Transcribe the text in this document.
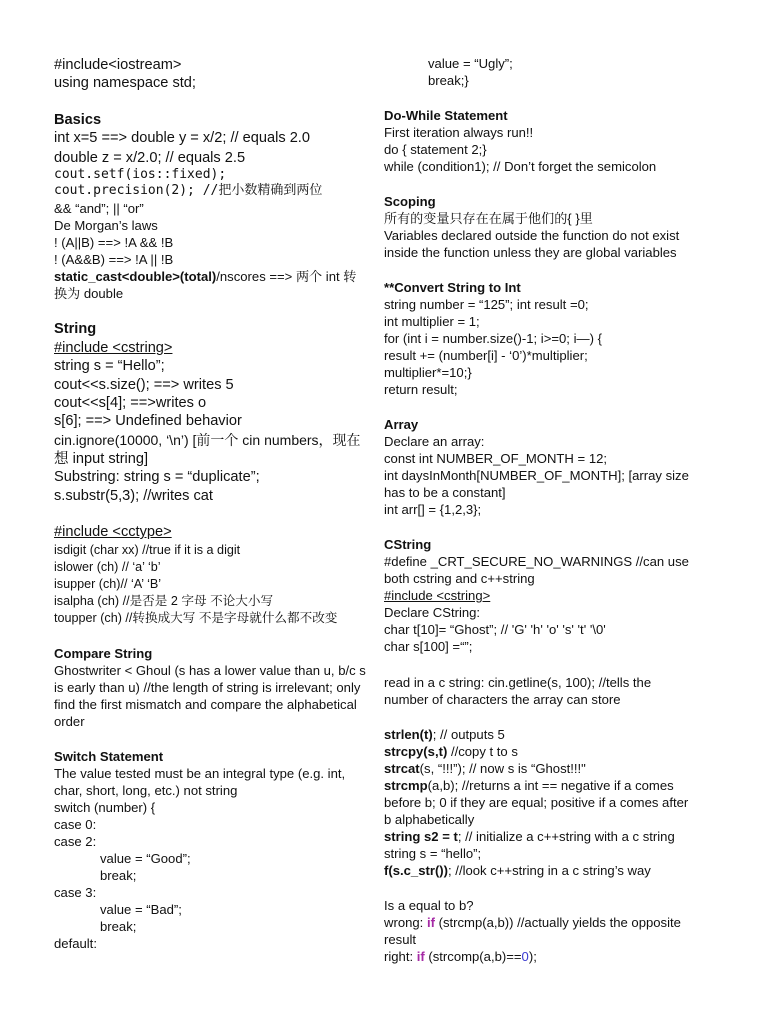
#include<iostream>
using namespace std;
Basics
int x=5 ==> double y = x/2; // equals 2.0
double z = x/2.0; // equals 2.5
cout.setf(ios::fixed);
cout.precision(2); //把小数精确到两位
&& “and”; || “or”
De Morgan’s laws
! (A||B) ==> !A && !B
! (A&&B) ==> !A || !B
static_cast<double>(total)/nscores ==> 两个 int 转
换为 double
String
#include <cstring>
string s = “Hello”;
cout<<s.size(); ==> writes 5
cout<<s[4]; ==>writes o
s[6]; ==> Undefined behavior
cin.ignore(10000, ‘\n’) [前一个 cin numbers，现在
想 input string]
Substring: string s = “duplicate”;
s.substr(5,3); //writes cat
#include <cctype>
isdigit (char xx) //true if it is a digit
islower (ch) // ‘a’ ‘b’
isupper (ch)// ‘A’ ‘B’
isalpha (ch) //是否是 2 字母 不论大小写
toupper (ch) //转换成大写 不是字母就什么都不改变
Compare String
Ghostwriter < Ghoul (s has a lower value than u, b/c s
is early than u) //the length of string is irrelevant; only
find the first mismatch and compare the alphabetical
order
Switch Statement
The value tested must be an integral type (e.g. int,
char, short, long, etc.) not string
switch (number) {
case 0:
case 2:
value = “Good”;
break;
case 3:
value = “Bad”;
break;
default:
value = “Ugly”;
break;}
Do-While Statement
First iteration always run!!
do { statement 2;}
while (condition1); // Don’t forget the semicolon
Scoping
所有的变量只存在在属于他们的{ }里
Variables declared outside the function do not exist
inside the function unless they are global variables
**Convert String to Int
string number = “125”; int result =0;
int multiplier = 1;
for (int i = number.size()-1; i>=0; i—) {
result += (number[i] - ‘0’)*multiplier;
multiplier*=10;}
return result;
Array
Declare an array:
const int NUMBER_OF_MONTH = 12;
int daysInMonth[NUMBER_OF_MONTH]; [array size
has to be a constant]
int arr[] = {1,2,3};
CString
#define _CRT_SECURE_NO_WARNINGS //can use
both cstring and c++string
#include <cstring>
Declare CString:
char t[10]= “Ghost”; // 'G' 'h' 'o' 's' 't' '\0'
char s[100] =“”;
read in a c string: cin.getline(s, 100); //tells the
number of characters the array can store
strlen(t); // outputs 5
strcpy(s,t) //copy t to s
strcat(s, “!!!”); // now s is “Ghost!!!"
strcmp(a,b); //returns a int == negative if a comes
before b; 0 if they are equal; positive if a comes after
b alphabetically
string s2 = t; // initialize a c++string with a c string
string s = “hello”;
f(s.c_str()); //look c++string in a c string’s way
Is a equal to b?
wrong: if (strcmp(a,b)) //actually yields the opposite
result
right: if (strcomp(a,b)==0);
